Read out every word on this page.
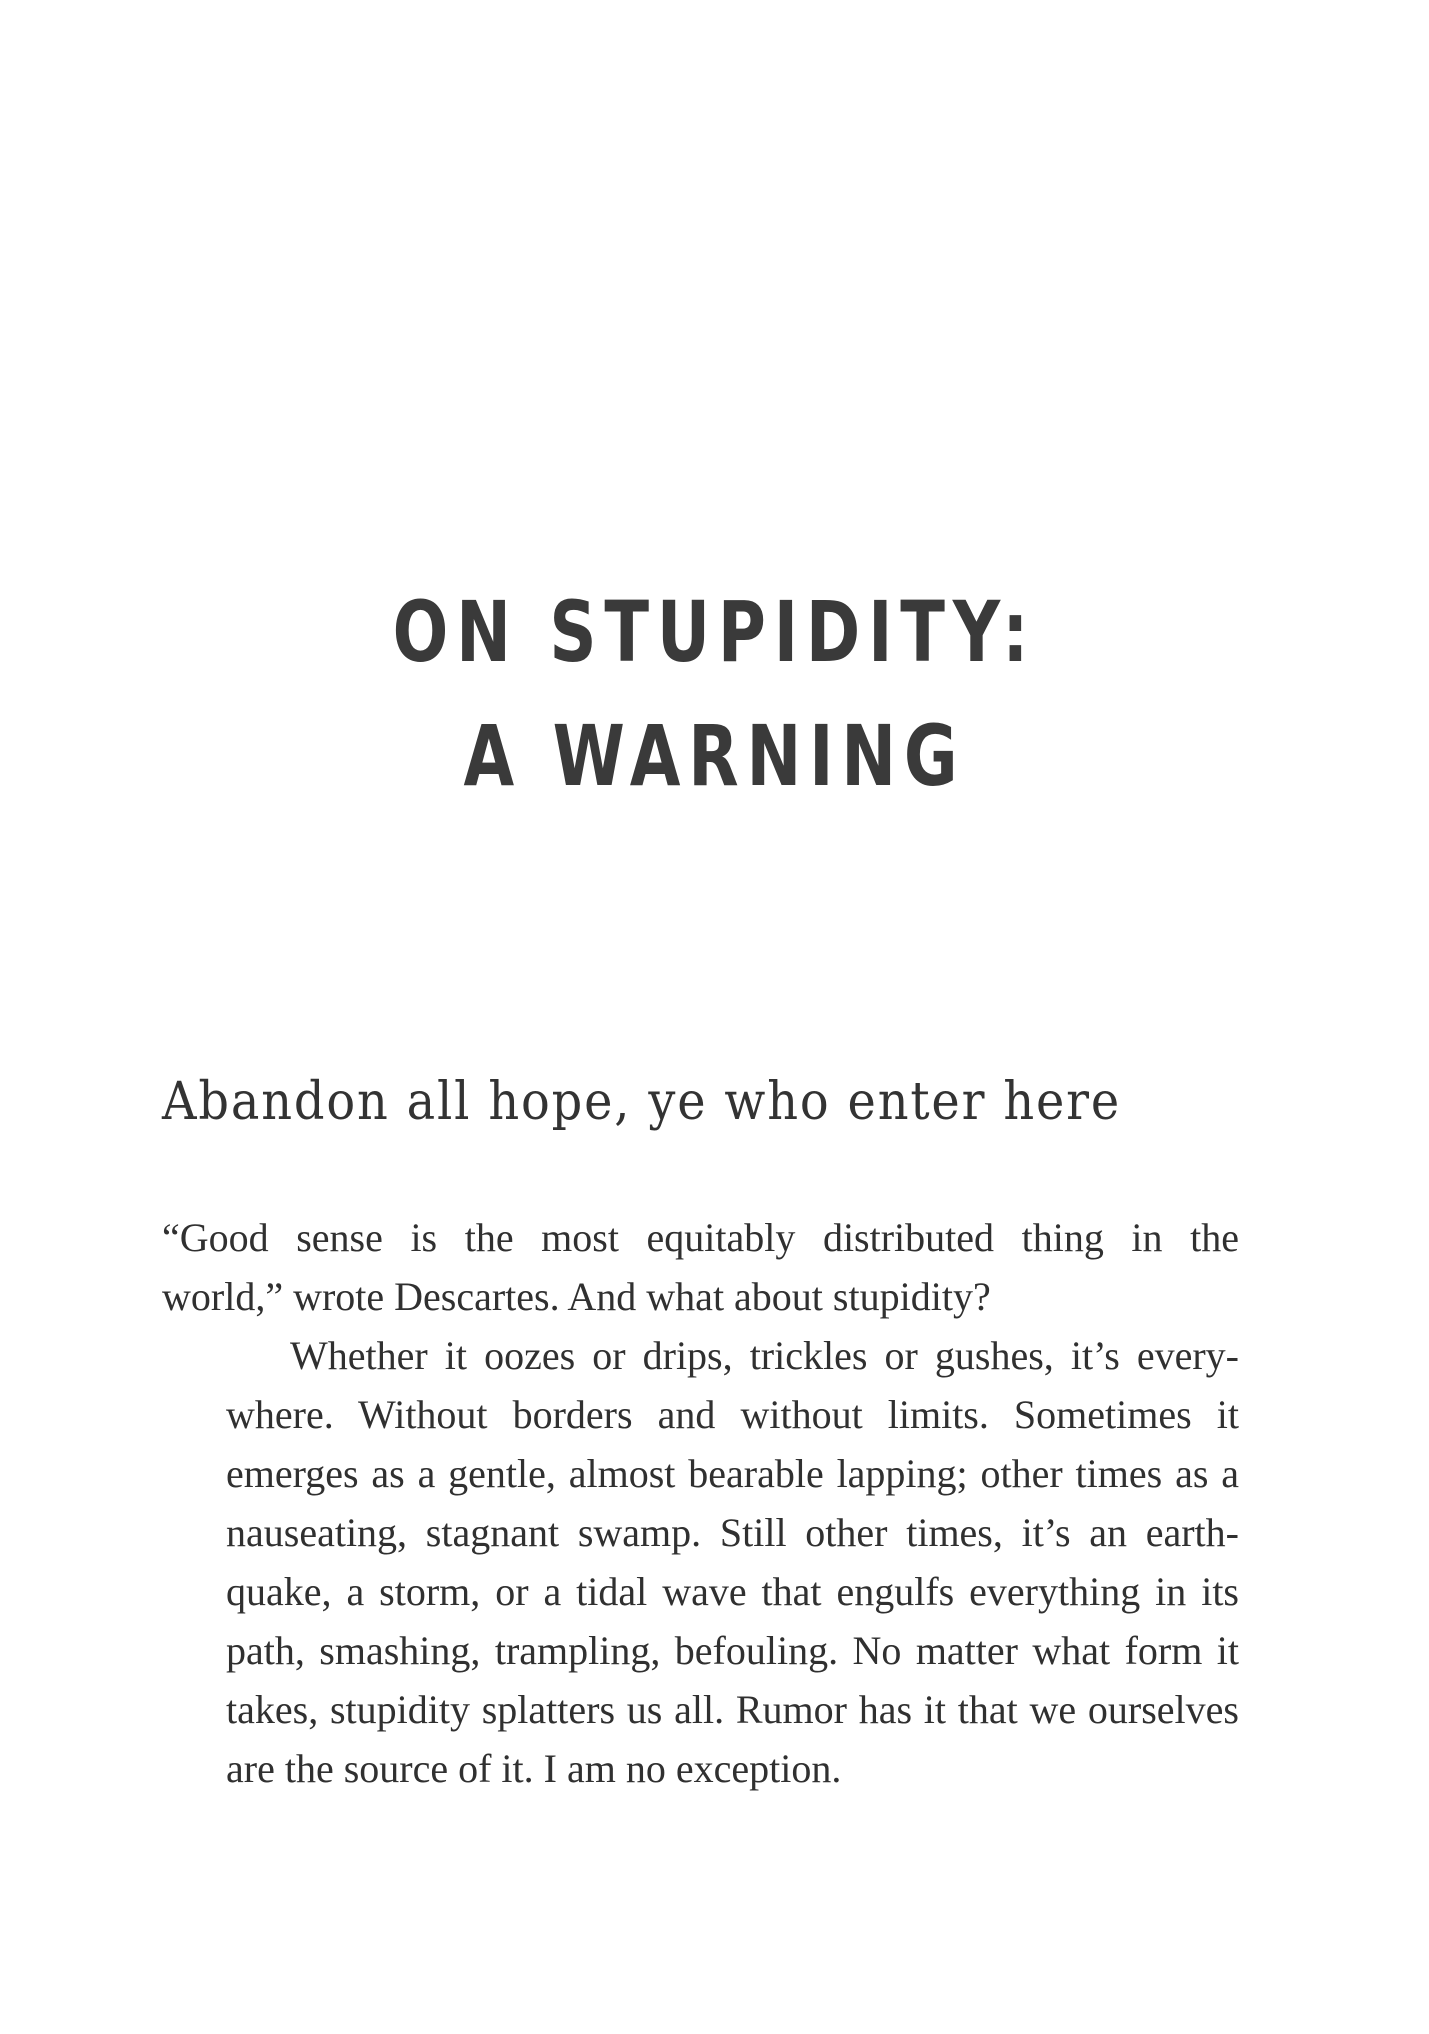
ON STUPIDITY:
A WARNING
Abandon all hope, ye who enter here

“Good sense is the most equitably distributed thing in the
world,” wrote Descartes. And what about stupidity?

Whether it oozes or drips, trickles or gushes, it’s every-
where. Without borders and without limits. Sometimes it
emerges as a gentle, almost bearable lapping; other times as a
nauseating, stagnant swamp. Still other times, it’s an earth-
quake, a storm, or a tidal wave that engulfs everything in its
path, smashing, trampling, befouling. No matter what form it
takes, stupidity splatters us all. Rumor has it that we ourselves
are the source of it. I am no exception.
